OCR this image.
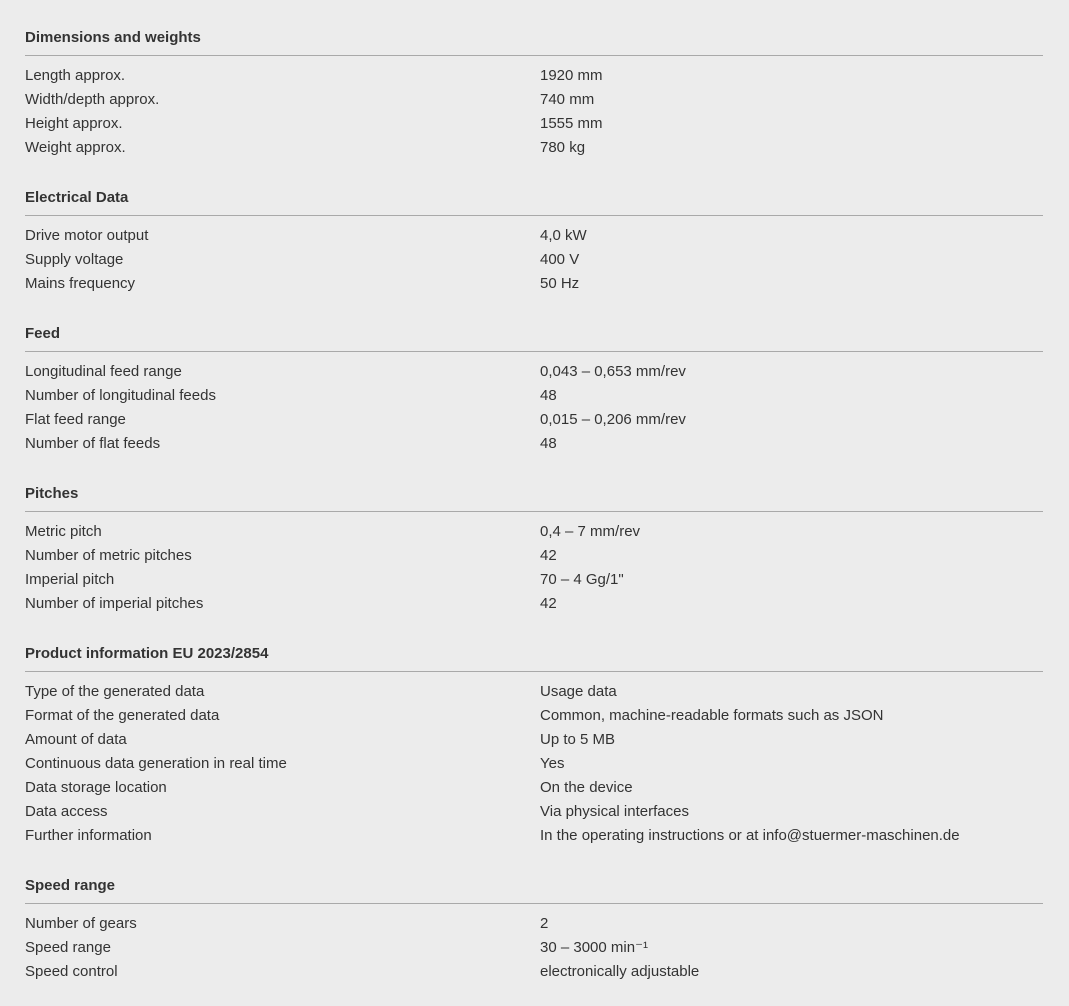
Dimensions and weights
Length approx.	1920 mm
Width/depth approx.	740 mm
Height approx.	1555 mm
Weight approx.	780 kg
Electrical Data
Drive motor output	4,0 kW
Supply voltage	400 V
Mains frequency	50 Hz
Feed
Longitudinal feed range	0,043 – 0,653 mm/rev
Number of longitudinal feeds	48
Flat feed range	0,015 – 0,206 mm/rev
Number of flat feeds	48
Pitches
Metric pitch	0,4 – 7 mm/rev
Number of metric pitches	42
Imperial pitch	70 – 4 Gg/1"
Number of imperial pitches	42
Product information EU 2023/2854
Type of the generated data	Usage data
Format of the generated data	Common, machine-readable formats such as JSON
Amount of data	Up to 5 MB
Continuous data generation in real time	Yes
Data storage location	On the device
Data access	Via physical interfaces
Further information	In the operating instructions or at info@stuermer-maschinen.de
Speed range
Number of gears	2
Speed range	30 – 3000 min⁻¹
Speed control	electronically adjustable
